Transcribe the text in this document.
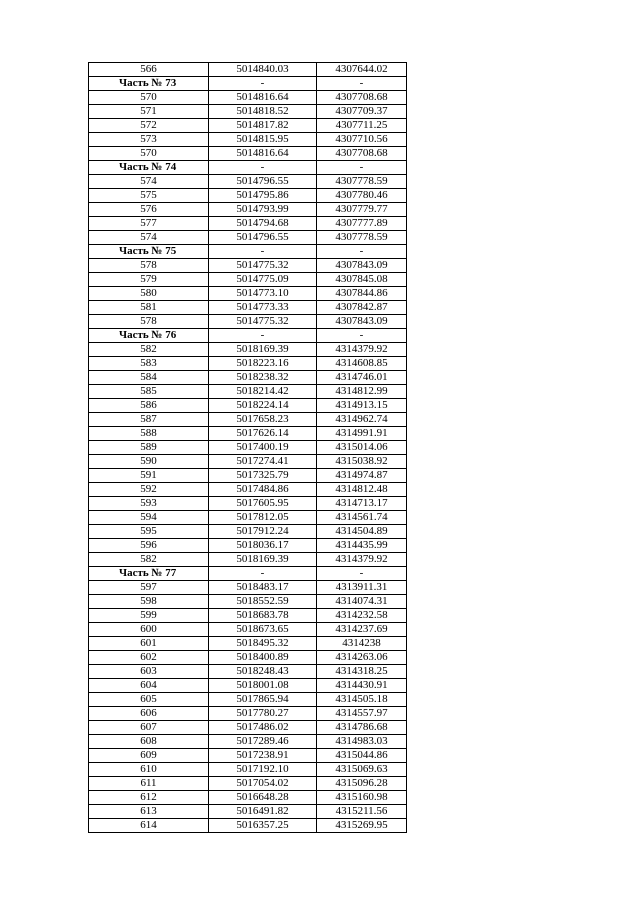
566	5014840.03	4307644.02
Часть № 73	-	-
570	5014816.64	4307708.68
571	5014818.52	4307709.37
572	5014817.82	4307711.25
573	5014815.95	4307710.56
570	5014816.64	4307708.68
Часть № 74	-	-
574	5014796.55	4307778.59
575	5014795.86	4307780.46
576	5014793.99	4307779.77
577	5014794.68	4307777.89
574	5014796.55	4307778.59
Часть № 75	-	-
578	5014775.32	4307843.09
579	5014775.09	4307845.08
580	5014773.10	4307844.86
581	5014773.33	4307842.87
578	5014775.32	4307843.09
Часть № 76	-	-
582	5018169.39	4314379.92
583	5018223.16	4314608.85
584	5018238.32	4314746.01
585	5018214.42	4314812.99
586	5018224.14	4314913.15
587	5017658.23	4314962.74
588	5017626.14	4314991.91
589	5017400.19	4315014.06
590	5017274.41	4315038.92
591	5017325.79	4314974.87
592	5017484.86	4314812.48
593	5017605.95	4314713.17
594	5017812.05	4314561.74
595	5017912.24	4314504.89
596	5018036.17	4314435.99
582	5018169.39	4314379.92
Часть № 77	-	-
597	5018483.17	4313911.31
598	5018552.59	4314074.31
599	5018683.78	4314232.58
600	5018673.65	4314237.69
601	5018495.32	4314238
602	5018400.89	4314263.06
603	5018248.43	4314318.25
604	5018001.08	4314430.91
605	5017865.94	4314505.18
606	5017780.27	4314557.97
607	5017486.02	4314786.68
608	5017289.46	4314983.03
609	5017238.91	4315044.86
610	5017192.10	4315069.63
611	5017054.02	4315096.28
612	5016648.28	4315160.98
613	5016491.82	4315211.56
614	5016357.25	4315269.95
